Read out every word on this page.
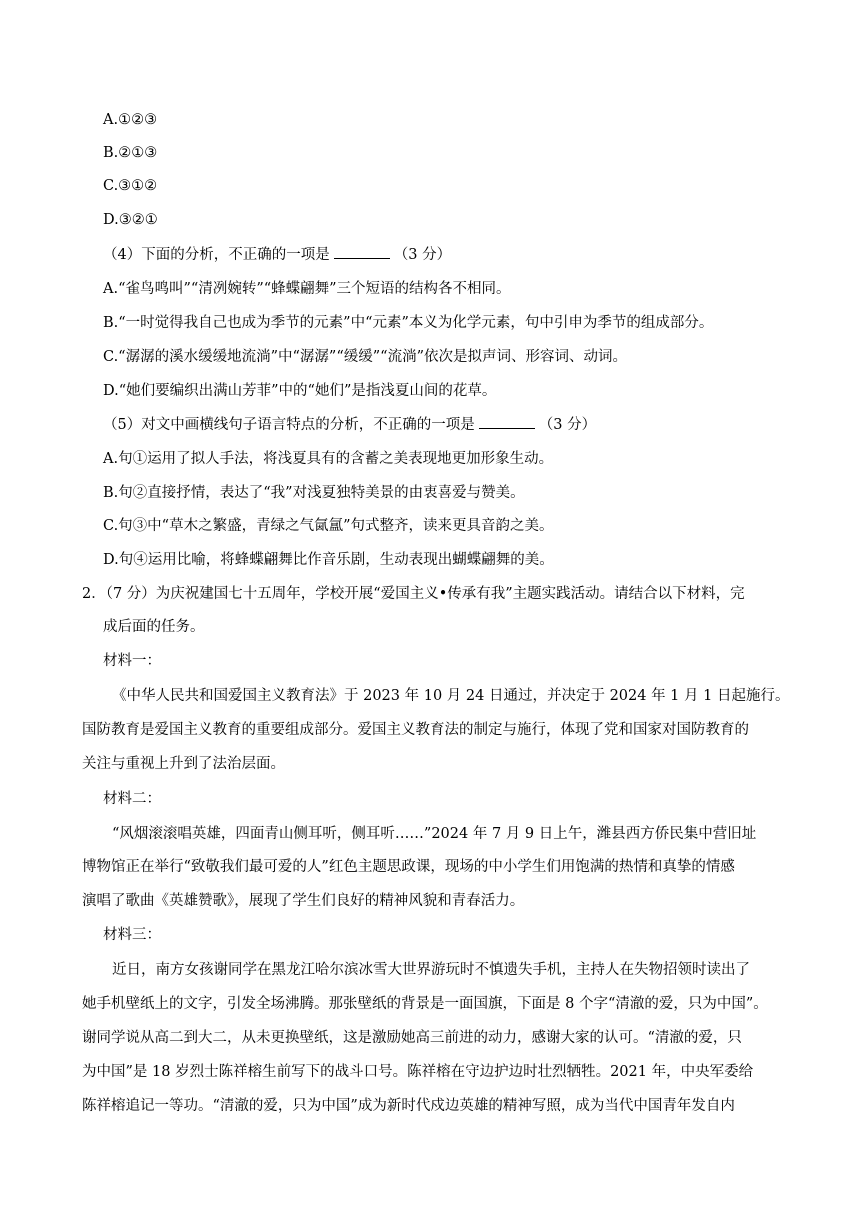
A.①②③
B.②①③
C.③①②
D.③②①
（4）下面的分析，不正确的一项是	（3 分）
A.“雀鸟鸣叫”“清冽婉转”“蜂蝶翩舞”三个短语的结构各不相同。
B.“一时觉得我自己也成为季节的元素”中“元素”本义为化学元素，句中引申为季节的组成部分。
C.“潺潺的溪水缓缓地流淌”中“潺潺”“缓缓”“流淌”依次是拟声词、形容词、动词。
D.“她们要编织出满山芳菲”中的“她们”是指浅夏山间的花草。
（5）对文中画横线句子语言特点的分析，不正确的一项是	（3 分）
A.句①运用了拟人手法，将浅夏具有的含蓄之美表现地更加形象生动。
B.句②直接抒情，表达了“我”对浅夏独特美景的由衷喜爱与赞美。
C.句③中“草木之繁盛，青绿之气氤氲”句式整齐，读来更具音韵之美。
D.句④运用比喻，将蜂蝶翩舞比作音乐剧，生动表现出蝴蝶翩舞的美。
2．（7 分）为庆祝建国七十五周年，学校开展“爱国主义•传承有我”主题实践活动。请结合以下材料，完
成后面的任务。
材料一：
《中华人民共和国爱国主义教育法》于 2023 年 10 月 24 日通过，并决定于 2024 年 1 月 1 日起施行。
国防教育是爱国主义教育的重要组成部分。爱国主义教育法的制定与施行，体现了党和国家对国防教育的
关注与重视上升到了法治层面。
材料二：
“风烟滚滚唱英雄，四面青山侧耳听，侧耳听……”2024 年 7 月 9 日上午，潍县西方侨民集中营旧址
博物馆正在举行“致敬我们最可爱的人”红色主题思政课，现场的中小学生们用饱满的热情和真挚的情感
演唱了歌曲《英雄赞歌》，展现了学生们良好的精神风貌和青春活力。
材料三：
近日，南方女孩谢同学在黑龙江哈尔滨冰雪大世界游玩时不慎遗失手机，主持人在失物招领时读出了
她手机壁纸上的文字，引发全场沸腾。那张壁纸的背景是一面国旗，下面是 8 个字“清澈的爱，只为中国”。
谢同学说从高二到大二，从未更换壁纸，这是激励她高三前进的动力，感谢大家的认可。“清澈的爱，只
为中国”是 18 岁烈士陈祥榕生前写下的战斗口号。陈祥榕在守边护边时壮烈牺牲。2021 年，中央军委给
陈祥榕追记一等功。“清澈的爱，只为中国”成为新时代戍边英雄的精神写照，成为当代中国青年发自内
